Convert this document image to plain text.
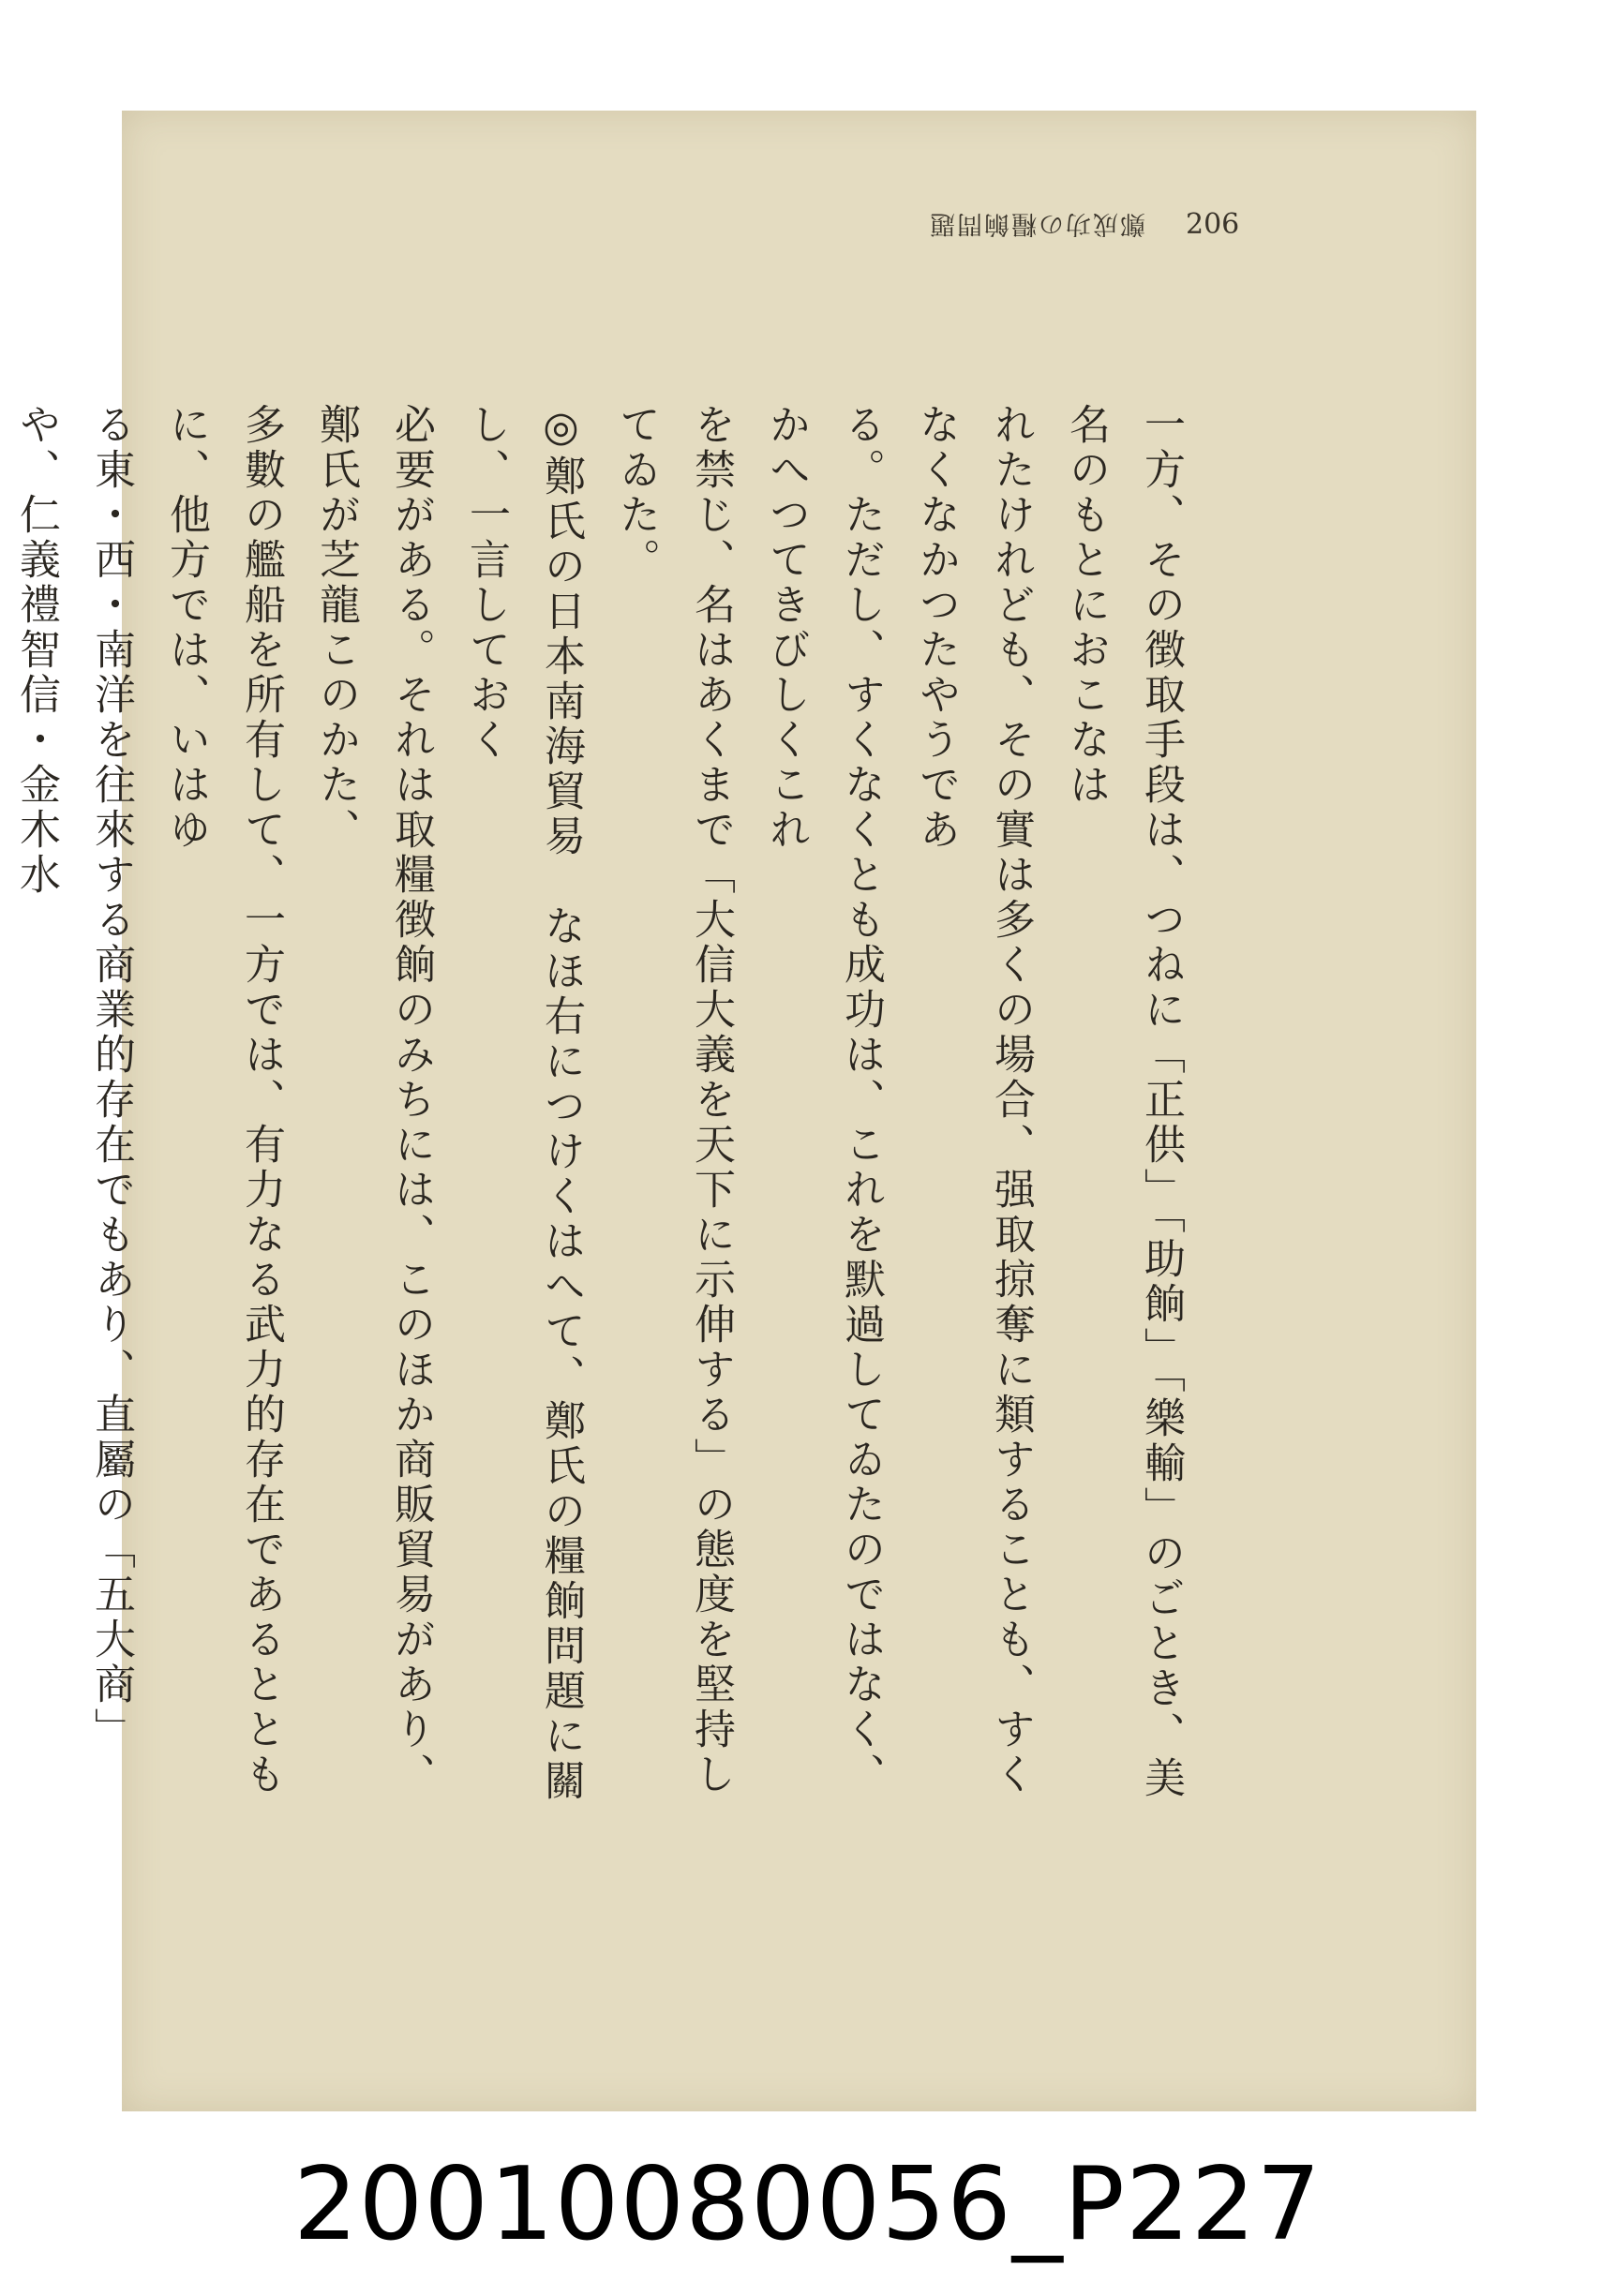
206
鄭成功の糧餉問題

一方、その徴取手段は、つねに「正供」「助餉」「樂輸」のごとき、美名のもとにおこなは

れたけれども、その實は多くの場合、强取掠奪に類することも、すくなくなかつたやうであ

る。ただし、すくなくとも成功は、これを默過してゐたのではなく、かへつてきびしくこれ

を禁じ、名はあくまで「大信大義を天下に示伸する」の態度を堅持してゐた。

◎鄭氏の日本南海貿易　なほ右につけくはへて、鄭氏の糧餉問題に關し、一言しておく

必要がある。それは取糧徴餉のみちには、このほか商販貿易があり、鄭氏が芝龍このかた、

多數の艦船を所有して、一方では、有力なる武力的存在であるとともに、他方では、いはゆ

る東・西・南洋を往來する商業的存在でもあり、直屬の「五大商」や、仁義禮智信・金木水

20010080056_P227
